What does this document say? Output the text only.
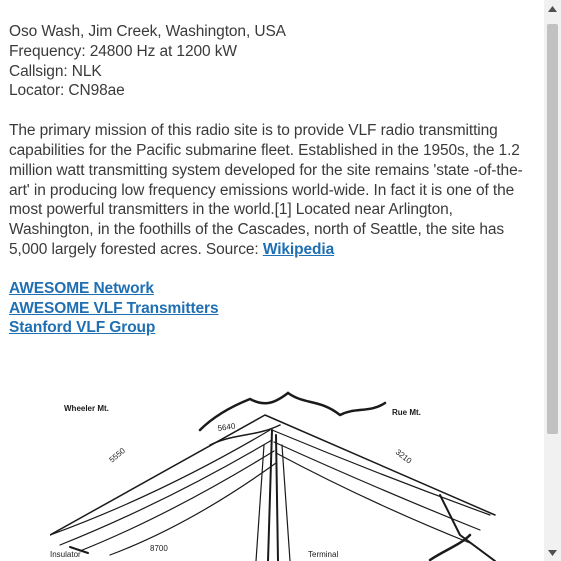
Oso Wash, Jim Creek, Washington, USA
Frequency: 24800 Hz at 1200 kW
Callsign: NLK
Locator: CN98ae
The primary mission of this radio site is to provide VLF radio transmitting capabilities for the Pacific submarine fleet. Established in the 1950s, the 1.2 million watt transmitting system developed for the site remains 'state -of-the-art' in producing low frequency emissions world-wide. In fact it is one of the most powerful transmitters in the world.[1] Located near Arlington, Washington, in the foothills of the Cascades, north of Seattle, the site has 5,000 largely forested acres. Source: Wikipedia
AWESOME Network
AWESOME VLF Transmitters
Stanford VLF Group
Wheeler Mt.	Rue Mt.
5640
5550	3210
8700
Insulator	Terminal
